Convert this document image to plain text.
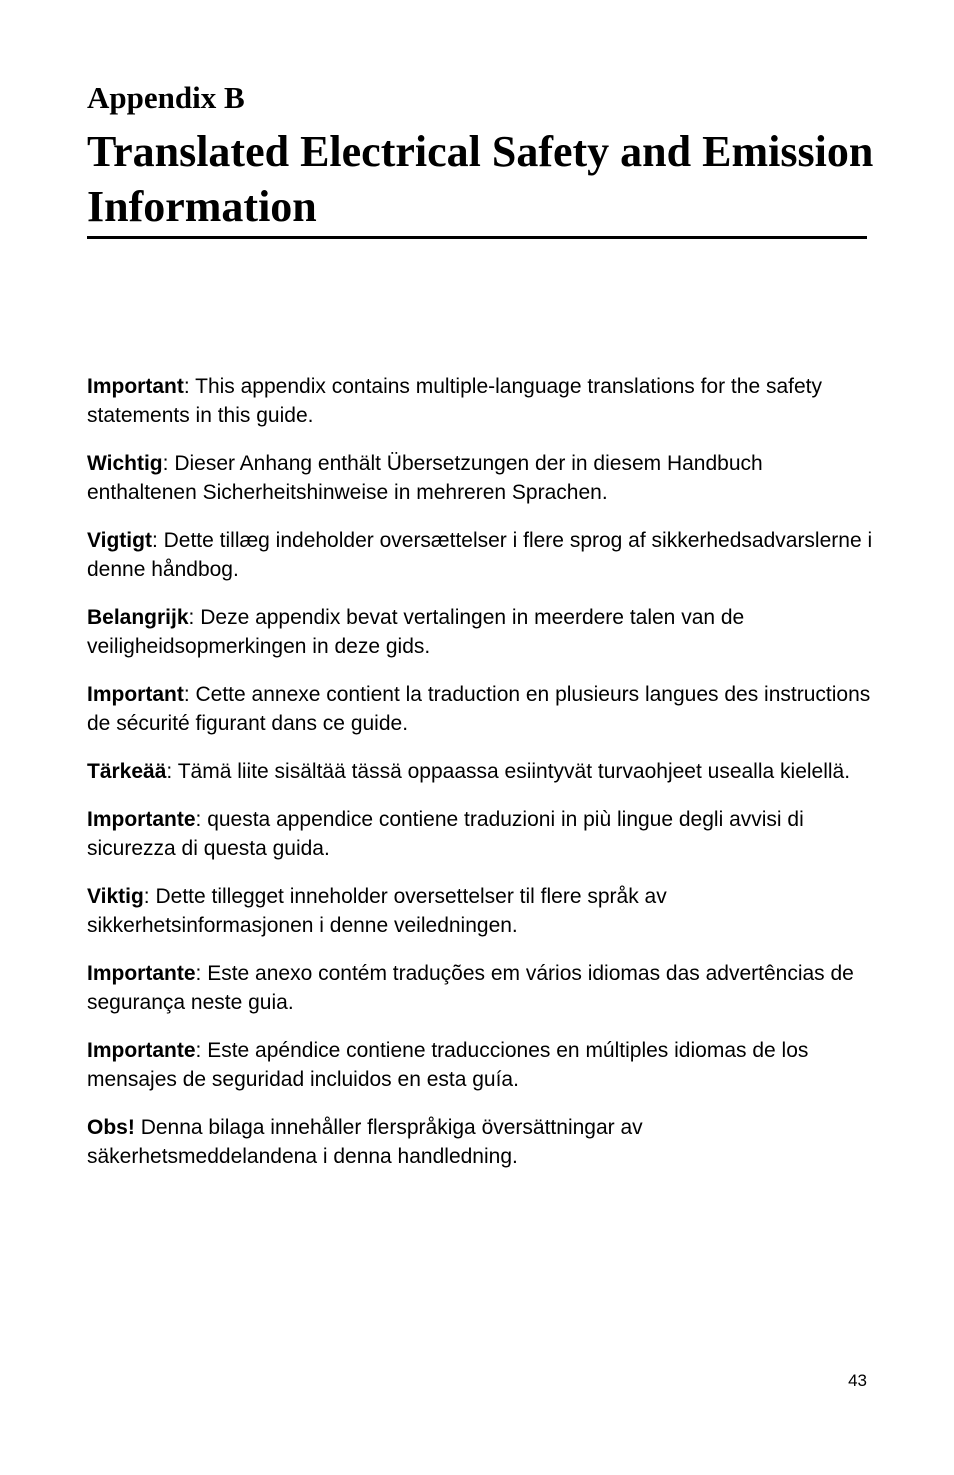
Appendix B
Translated Electrical Safety and Emission Information
Important: This appendix contains multiple-language translations for the safety statements in this guide.
Wichtig: Dieser Anhang enthält Übersetzungen der in diesem Handbuch enthaltenen Sicherheitshinweise in mehreren Sprachen.
Vigtigt: Dette tillæg indeholder oversættelser i flere sprog af sikkerhedsadvarslerne i denne håndbog.
Belangrijk: Deze appendix bevat vertalingen in meerdere talen van de veiligheidsopmerkingen in deze gids.
Important: Cette annexe contient la traduction en plusieurs langues des instructions de sécurité figurant dans ce guide.
Tärkeää: Tämä liite sisältää tässä oppaassa esiintyvät turvaohjeet usealla kielellä.
Importante: questa appendice contiene traduzioni in più lingue degli avvisi di sicurezza di questa guida.
Viktig: Dette tillegget inneholder oversettelser til flere språk av sikkerhetsinformasjonen i denne veiledningen.
Importante: Este anexo contém traduções em vários idiomas das advertências de segurança neste guia.
Importante: Este apéndice contiene traducciones en múltiples idiomas de los mensajes de seguridad incluidos en esta guía.
Obs! Denna bilaga innehåller flerspråkiga översättningar av säkerhetsmeddelandena i denna handledning.
43
